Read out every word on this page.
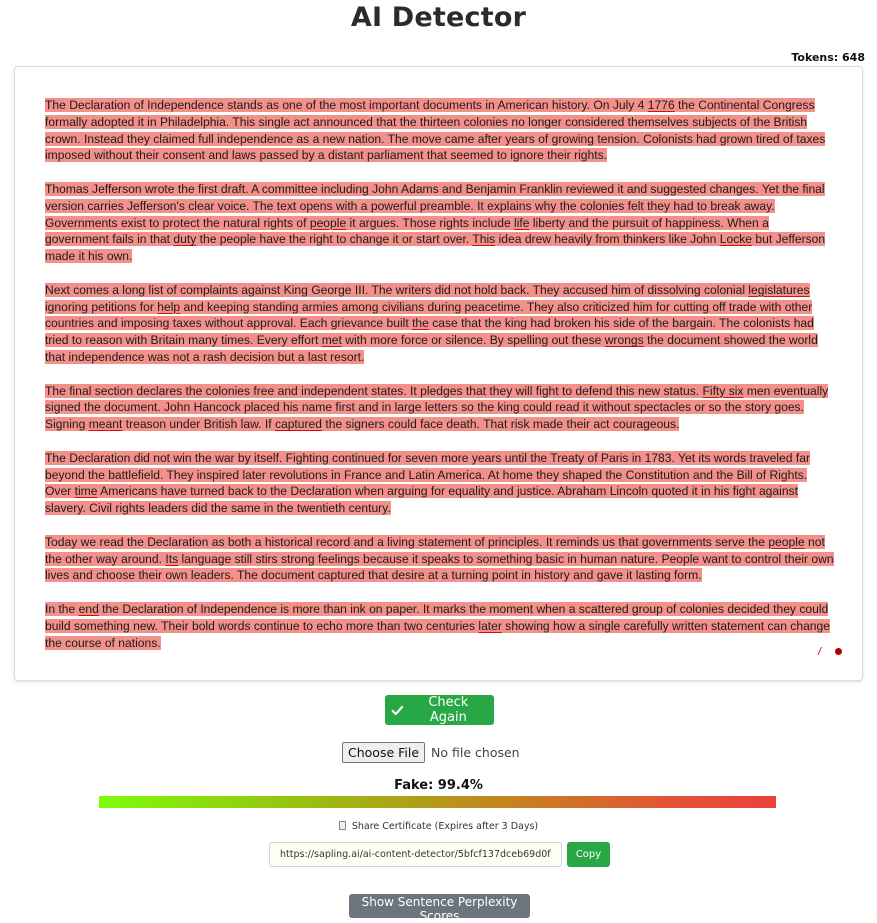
AI Detector
Tokens: 648

The Declaration of Independence stands as one of the most important documents in American history. On July 4 1776 the Continental Congress formally adopted it in Philadelphia. This single act announced that the thirteen colonies no longer considered themselves subjects of the British crown. Instead they claimed full independence as a new nation. The move came after years of growing tension. Colonists had grown tired of taxes imposed without their consent and laws passed by a distant parliament that seemed to ignore their rights.

Thomas Jefferson wrote the first draft. A committee including John Adams and Benjamin Franklin reviewed it and suggested changes. Yet the final version carries Jefferson's clear voice. The text opens with a powerful preamble. It explains why the colonies felt they had to break away. Governments exist to protect the natural rights of people it argues. Those rights include life liberty and the pursuit of happiness. When a government fails in that duty the people have the right to change it or start over. This idea drew heavily from thinkers like John Locke but Jefferson made it his own.

Next comes a long list of complaints against King George III. The writers did not hold back. They accused him of dissolving colonial legislatures ignoring petitions for help and keeping standing armies among civilians during peacetime. They also criticized him for cutting off trade with other countries and imposing taxes without approval. Each grievance built the case that the king had broken his side of the bargain. The colonists had tried to reason with Britain many times. Every effort met with more force or silence. By spelling out these wrongs the document showed the world that independence was not a rash decision but a last resort.

The final section declares the colonies free and independent states. It pledges that they will fight to defend this new status. Fifty six men eventually signed the document. John Hancock placed his name first and in large letters so the king could read it without spectacles or so the story goes. Signing meant treason under British law. If captured the signers could face death. That risk made their act courageous.

The Declaration did not win the war by itself. Fighting continued for seven more years until the Treaty of Paris in 1783. Yet its words traveled far beyond the battlefield. They inspired later revolutions in France and Latin America. At home they shaped the Constitution and the Bill of Rights. Over time Americans have turned back to the Declaration when arguing for equality and justice. Abraham Lincoln quoted it in his fight against slavery. Civil rights leaders did the same in the twentieth century.

Today we read the Declaration as both a historical record and a living statement of principles. It reminds us that governments serve the people not the other way around. Its language still stirs strong feelings because it speaks to something basic in human nature. People want to control their own lives and choose their own leaders. The document captured that desire at a turning point in history and gave it lasting form.

In the end the Declaration of Independence is more than ink on paper. It marks the moment when a scattered group of colonies decided they could build something new. Their bold words continue to echo more than two centuries later showing how a single carefully written statement can change the course of nations.

/
Check Again
Choose File No file chosen
Fake: 99.4%
Share Certificate (Expires after 3 Days)
https://sapling.ai/ai-content-detector/5bfcf137dceb69d0fc450
Copy
Show Sentence Perplexity Scores
